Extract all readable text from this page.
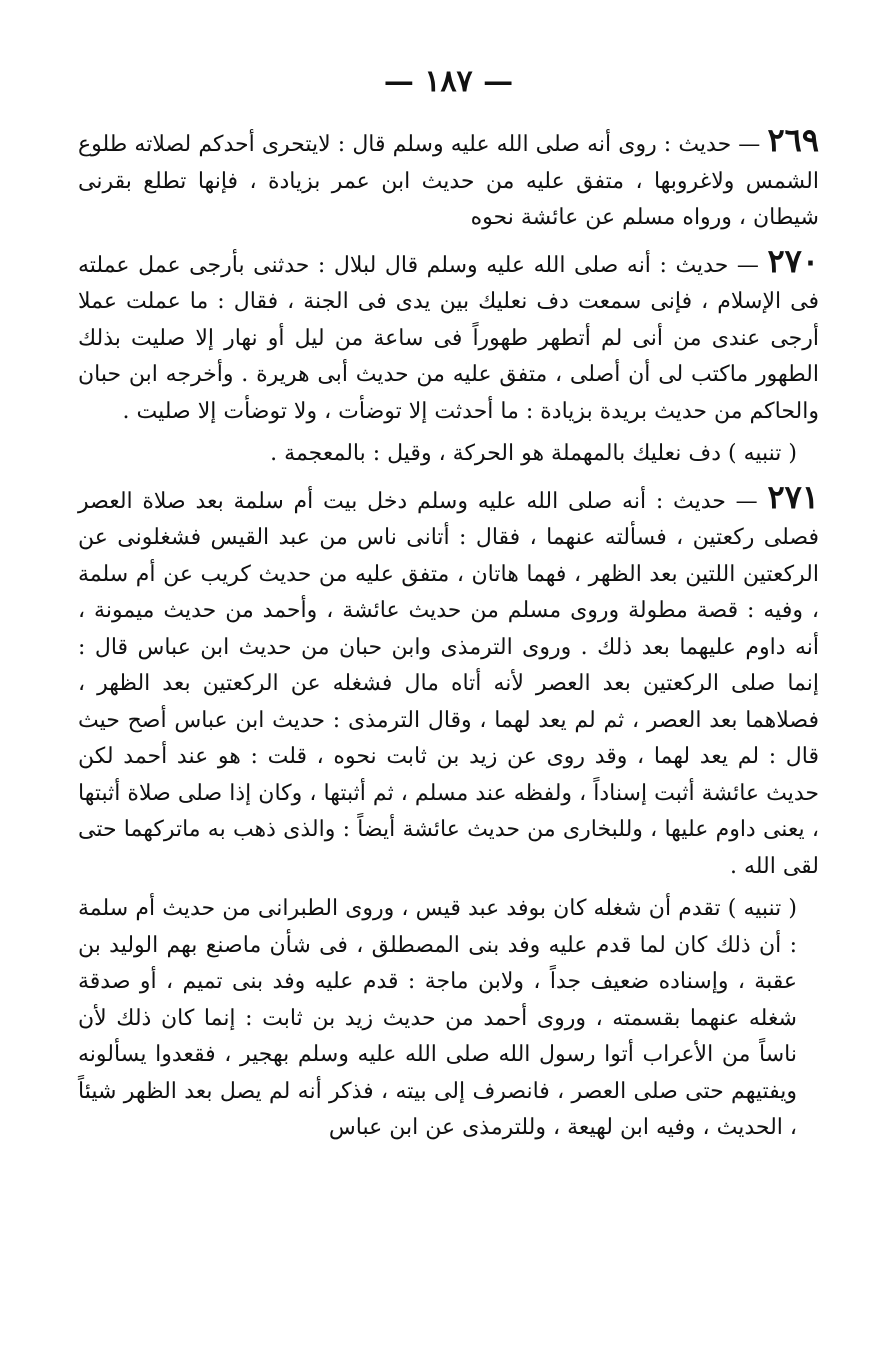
— ١٨٧ —

٢٦٩ — حديث : روى أنه صلى الله عليه وسلم قال : لايتحرى أحدكم لصلاته طلوع الشمس ولاغروبها ، متفق عليه من حديث ابن عمر بزيادة ، فإنها تطلع بقرنى شيطان ، ورواه مسلم عن عائشة نحوه

٢٧٠ — حديث : أنه صلى الله عليه وسلم قال لبلال : حدثنى بأرجى عمل عملته فى الإسلام ، فإنى سمعت دف نعليك بين يدى فى الجنة ، فقال : ما عملت عملا أرجى عندى من أنى لم أتطهر طهوراً فى ساعة من ليل أو نهار إلا صليت بذلك الطهور ماكتب لى أن أصلى ، متفق عليه من حديث أبى هريرة . وأخرجه ابن حبان والحاكم من حديث بريدة بزيادة : ما أحدثت إلا توضأت ، ولا توضأت إلا صليت .

( تنبيه ) دف نعليك بالمهملة هو الحركة ، وقيل : بالمعجمة .

٢٧١ — حديث : أنه صلى الله عليه وسلم دخل بيت أم سلمة بعد صلاة العصر فصلى ركعتين ، فسألته عنهما ، فقال : أتانى ناس من عبد القيس فشغلونى عن الركعتين اللتين بعد الظهر ، فهما هاتان ، متفق عليه من حديث كريب عن أم سلمة ، وفيه : قصة مطولة وروى مسلم من حديث عائشة ، وأحمد من حديث ميمونة ، أنه داوم عليهما بعد ذلك . وروى الترمذى وابن حبان من حديث ابن عباس قال : إنما صلى الركعتين بعد العصر لأنه أتاه مال فشغله عن الركعتين بعد الظهر ، فصلاهما بعد العصر ، ثم لم يعد لهما ، وقال الترمذى : حديث ابن عباس أصح حيث قال : لم يعد لهما ، وقد روى عن زيد بن ثابت نحوه ، قلت : هو عند أحمد لكن حديث عائشة أثبت إسناداً ، ولفظه عند مسلم ، ثم أثبتها ، وكان إذا صلى صلاة أثبتها ، يعنى داوم عليها ، وللبخارى من حديث عائشة أيضاً : والذى ذهب به ماتركهما حتى لقى الله .

( تنبيه ) تقدم أن شغله كان بوفد عبد قيس ، وروى الطبرانى من حديث أم سلمة : أن ذلك كان لما قدم عليه وفد بنى المصطلق ، فى شأن ماصنع بهم الوليد بن عقبة ، وإسناده ضعيف جداً ، ولابن ماجة : قدم عليه وفد بنى تميم ، أو صدقة شغله عنهما بقسمته ، وروى أحمد من حديث زيد بن ثابت : إنما كان ذلك لأن ناساً من الأعراب أتوا رسول الله صلى الله عليه وسلم بهجير ، فقعدوا يسألونه ويفتيهم حتى صلى العصر ، فانصرف إلى بيته ، فذكر أنه لم يصل بعد الظهر شيئاً ، الحديث ، وفيه ابن لهيعة ، وللترمذى عن ابن عباس
